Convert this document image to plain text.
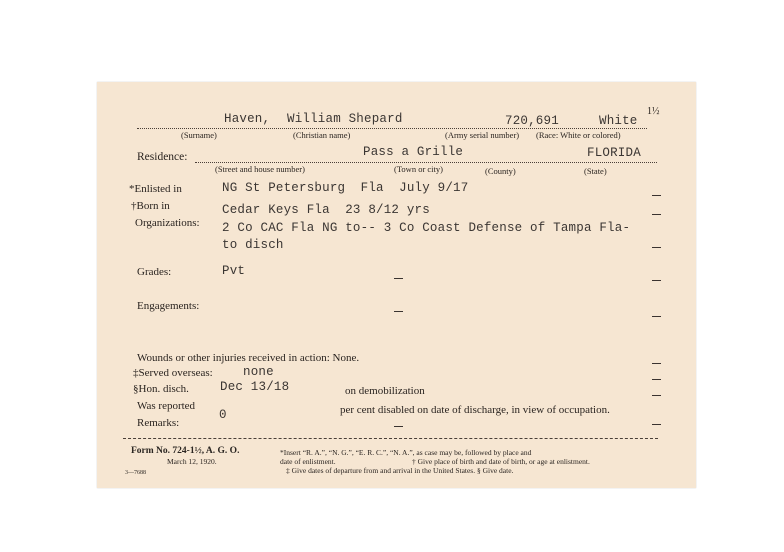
1½
Haven, William Shepard	720,691	White
(Surname)	(Christian name)	(Army serial number) (Race: White or colored)
Residence:	Pass a Grille	FLORIDA
(Street and house number)	(Town or city)	(County)	(State)
*Enlisted in	NG St Petersburg  Fla  July 9/17
†Born in	Cedar Keys Fla  23 8/12 yrs
Organizations: 2 Co CAC Fla NG to-- 3 Co Coast Defense of Tampa Fla-
to disch
Grades:	Pvt
Engagements:
Wounds or other injuries received in action: None.
‡Served overseas: none
§Hon. disch. Dec 13/18	on demobilization
Was reported
0	per cent disabled on date of discharge, in view of occupation.
Remarks:
Form No. 724-1½, A. G. O.
March 12, 1920.
3—7688
*Insert “R. A.”, “N. G.”, “E. R. C.”, “N. A.”, as case may be, followed by place and
date of enlistment.	† Give place of birth and date of birth, or age at enlistment.
‡ Give dates of departure from and arrival in the United States. § Give date.
